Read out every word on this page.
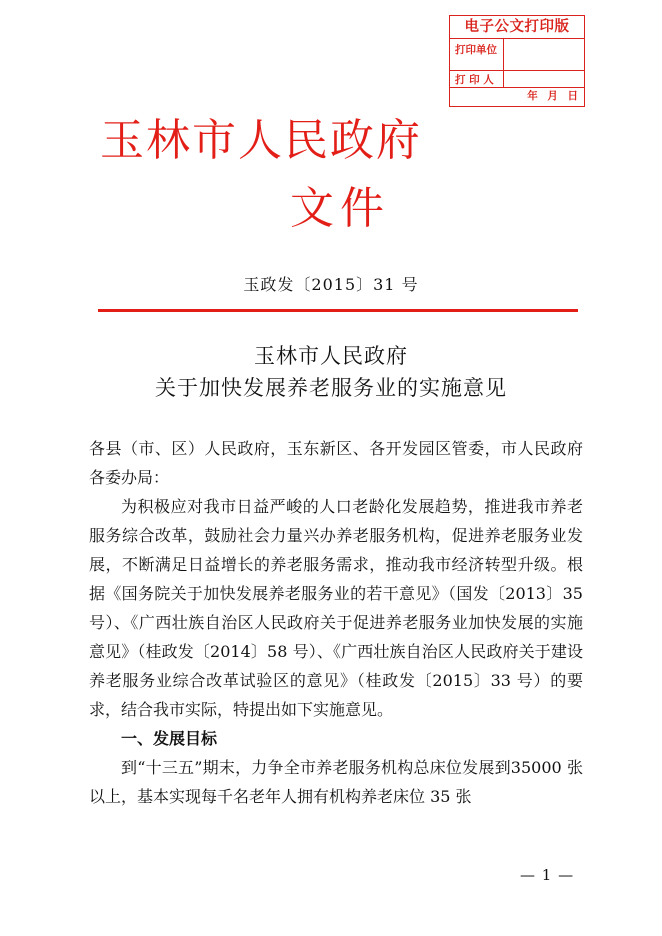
电子公文打印版
打印单位
打 印 人
年 月 日
玉林市人民政府
文件
玉政发〔2015〕31 号
玉林市人民政府
关于加快发展养老服务业的实施意见

各县（市、区）人民政府，玉东新区、各开发园区管委，市人民政府各委办局：

为积极应对我市日益严峻的人口老龄化发展趋势，推进我市养老服务综合改革，鼓励社会力量兴办养老服务机构，促进养老服务业发展，不断满足日益增长的养老服务需求，推动我市经济转型升级。根据《国务院关于加快发展养老服务业的若干意见》（国发〔2013〕35 号）、《广西壮族自治区人民政府关于促进养老服务业加快发展的实施意见》（桂政发〔2014〕58 号）、《广西壮族自治区人民政府关于建设养老服务业综合改革试验区的意见》（桂政发〔2015〕33 号）的要求，结合我市实际，特提出如下实施意见。

一、发展目标

到“十三五”期末，力争全市养老服务机构总床位发展到35000 张以上，基本实现每千名老年人拥有机构养老床位 35 张

— 1 —
